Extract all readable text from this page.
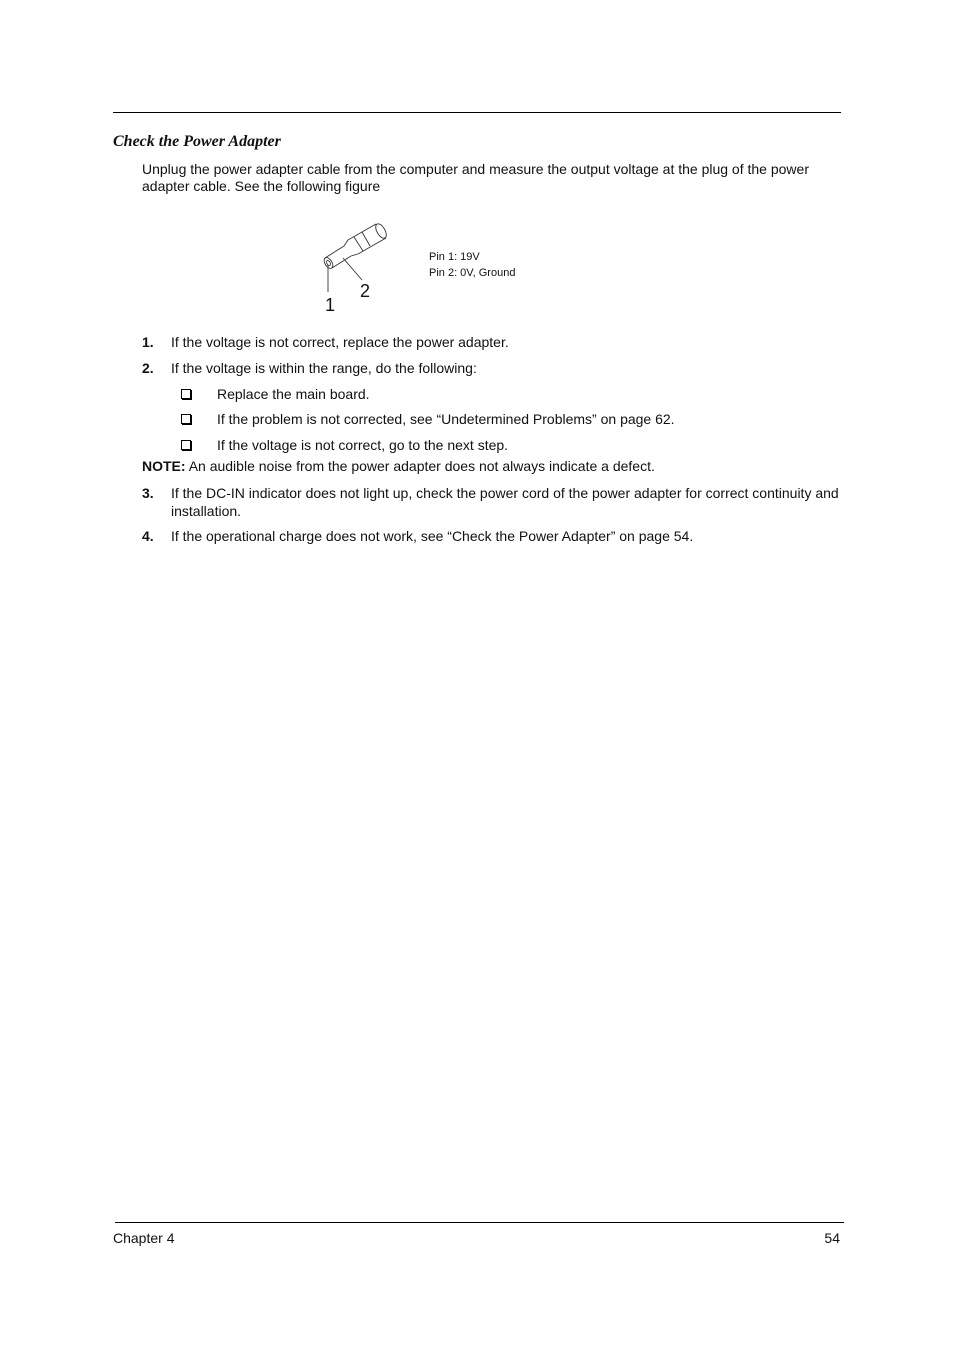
Check the Power Adapter

Unplug the power adapter cable from the computer and measure the output voltage at the plug of the power adapter cable. See the following figure

1
2
Pin 1: 19V
Pin 2: 0V, Ground
1. If the voltage is not correct, replace the power adapter.
2. If the voltage is within the range, do the following:
Replace the main board.
If the problem is not corrected, see “Undetermined Problems” on page 62.
If the voltage is not correct, go to the next step.
NOTE: An audible noise from the power adapter does not always indicate a defect.
3. If the DC-IN indicator does not light up, check the power cord of the power adapter for correct continuity and installation.
4. If the operational charge does not work, see “Check the Power Adapter” on page 54.
Chapter 4	54
